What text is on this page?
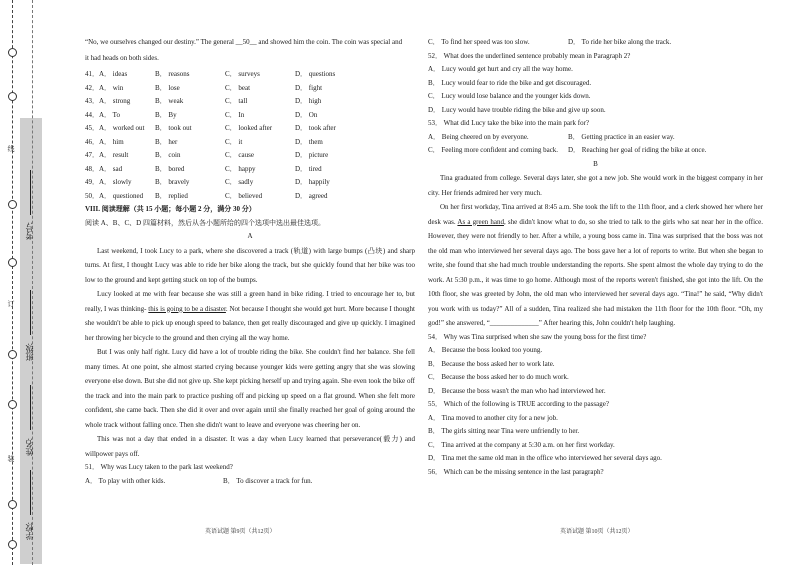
线
订
装
学校:
姓名:
班级:
考号:
“No, we ourselves changed our destiny.” The general __50__ and showed him the coin. The coin was special and
it had heads on both sides.
41．A． ideas	B． reasons	C． surveys	D． questions
42．A． win	B． lose	C． beat	D． fight
43．A． strong	B． weak	C． tall	D． high
44．A． To	B． By	C． In	D． On
45．A． worked out	B． took out	C． looked after	D． took after
46．A． him	B． her	C． it	D． them
47．A． result	B． coin	C． cause	D． picture
48．A． sad	B． bored	C． happy	D． tired
49．A． slowly	B． bravely	C． sadly	D． happily
50．A． questioned	B． replied	C． believed	D． agreed
VIII. 阅读理解（共 15 小题；每小题 2 分，满分 30 分）
阅读 A、B、C、D 四篇材料，然后从各小题所给的四个选项中选出最佳选项。
A
Last weekend, I took Lucy to a park, where she discovered a track (轨道) with large bumps (凸块) and sharp turns. At first, I thought Lucy was able to ride her bike along the track, but she quickly found that her bike was too low to the ground and kept getting stuck on top of the bumps.
Lucy looked at me with fear because she was still a green hand in bike riding. I tried to encourage her to, but really, I was thinking- this is going to be a disaster. Not because I thought she would get hurt. More because I thought she wouldn't be able to pick up enough speed to balance, then get really discouraged and give up quickly. I imagined her throwing her bicycle to the ground and then crying all the way home.
But I was only half right. Lucy did have a lot of trouble riding the bike. She couldn't find her balance. She fell many times. At one point, she almost started crying because younger kids were getting angry that she was slowing everyone else down. But she did not give up. She kept picking herself up and trying again. She even took the bike off the track and into the main park to practice pushing off and picking up speed on a flat ground. When she felt more confident, she came back. Then she did it over and over again until she finally reached her goal of going around the whole track without falling once. Then she didn't want to leave and everyone was cheering her on.
This was not a day that ended in a disaster. It was a day when Lucy learned that perseverance(毅力) and willpower pays off.
51． Why was Lucy taken to the park last weekend?
A． To play with other kids.	B． To discover a track for fun.
C． To find her speed was too slow.	D． To ride her bike along the track.
52． What does the underlined sentence probably mean in Paragraph 2?
A． Lucy would get hurt and cry all the way home.
B． Lucy would fear to ride the bike and get discouraged.
C． Lucy would lose balance and the younger kids down.
D． Lucy would have trouble riding the bike and give up soon.
53． What did Lucy take the bike into the main park for?
A． Being cheered on by everyone.	B． Getting practice in an easier way.
C． Feeling more confident and coming back.	D． Reaching her goal of riding the bike at once.
B
Tina graduated from college. Several days later, she got a new job. She would work in the biggest company in her city. Her friends admired her very much.
On her first workday, Tina arrived at 8:45 a.m. She took the lift to the 11th floor, and a clerk showed her where her desk was. As a green hand, she didn't know what to do, so she tried to talk to the girls who sat near her in the office. However, they were not friendly to her. After a while, a young boss came in. Tina was surprised that the boss was not the old man who interviewed her several days ago. The boss gave her a lot of reports to write. But when she began to write, she found that she had much trouble understanding the reports. She spent almost the whole day trying to do the work. At 5:30 p.m., it was time to go home. Although most of the reports weren't finished, she got into the lift. On the 10th floor, she was greeted by John, the old man who interviewed her several days ago. “Tina!” he said, “Why didn't you work with us today?” All of a sudden, Tina realized she had mistaken the 11th floor for the 10th floor. “Oh, my god!” she answered, “______________” After hearing this, John couldn't help laughing.
54． Why was Tina surprised when she saw the young boss for the first time?
A． Because the boss looked too young.
B． Because the boss asked her to work late.
C． Because the boss asked her to do much work.
D． Because the boss wasn't the man who had interviewed her.
55． Which of the following is TRUE according to the passage?
A． Tina moved to another city for a new job.
B． The girls sitting near Tina were unfriendly to her.
C． Tina arrived at the company at 5:30 a.m. on her first workday.
D． Tina met the same old man in the office who interviewed her several days ago.
56． Which can be the missing sentence in the last paragraph?
英语试题 第9页（共12页）	英语试题 第10页（共12页）
